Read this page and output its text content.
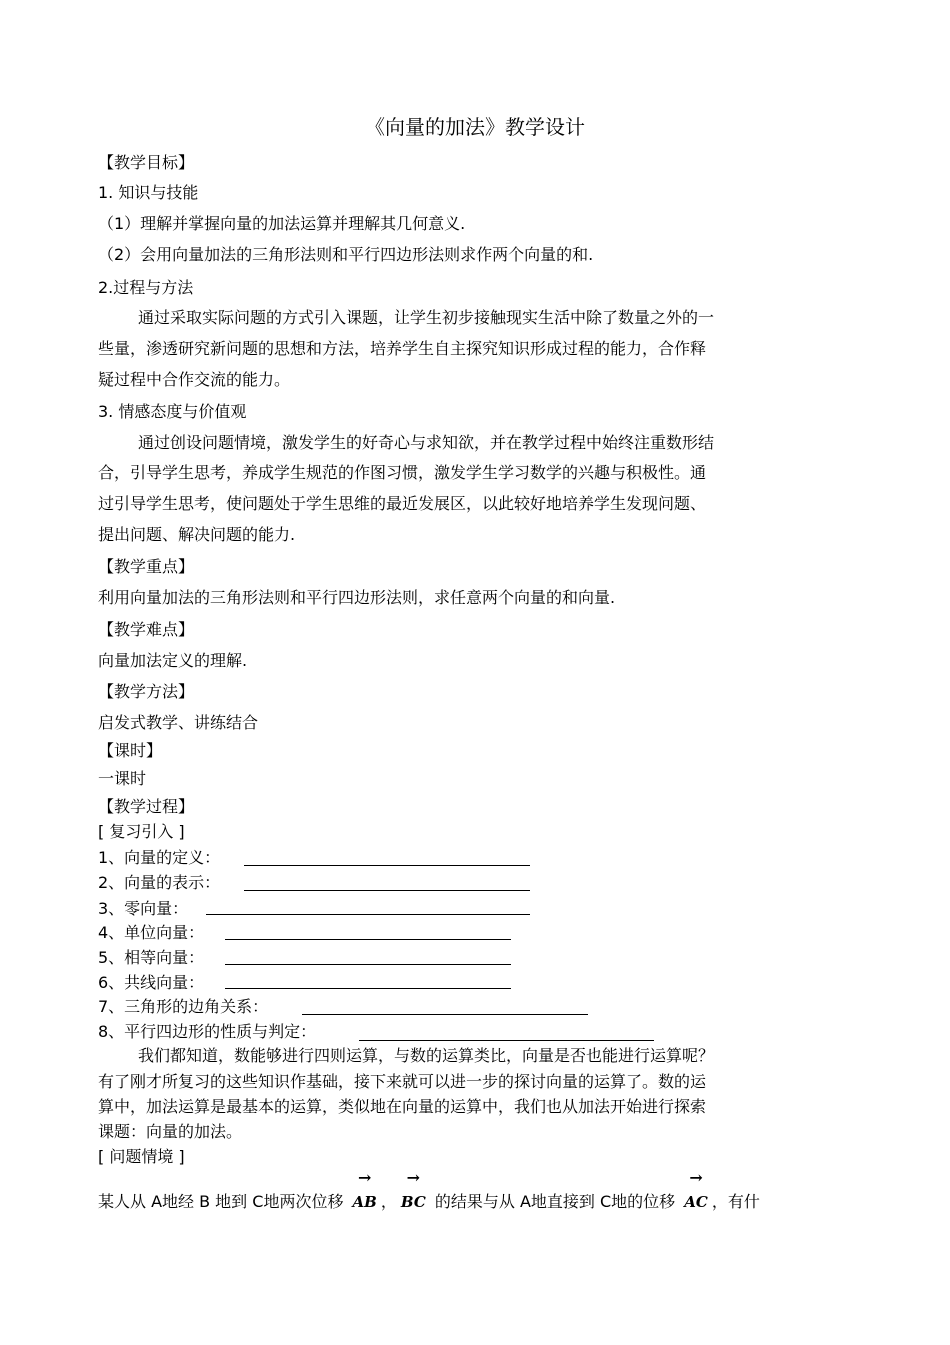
《向量的加法》教学设计
【教学目标】
1. 知识与技能
（1）理解并掌握向量的加法运算并理解其几何意义.
（2）会用向量加法的三角形法则和平行四边形法则求作两个向量的和.
2.过程与方法
通过采取实际问题的方式引入课题，让学生初步接触现实生活中除了数量之外的一
些量，渗透研究新问题的思想和方法，培养学生自主探究知识形成过程的能力，合作释
疑过程中合作交流的能力。
3. 情感态度与价值观
通过创设问题情境，激发学生的好奇心与求知欲，并在教学过程中始终注重数形结
合，引导学生思考，养成学生规范的作图习惯，激发学生学习数学的兴趣与积极性。通
过引导学生思考，使问题处于学生思维的最近发展区，以此较好地培养学生发现问题、
提出问题、解决问题的能力.
【教学重点】
利用向量加法的三角形法则和平行四边形法则，求任意两个向量的和向量.
【教学难点】
向量加法定义的理解.
【教学方法】
启发式教学、讲练结合
【课时】
一课时
【教学过程】
[ 复习引入 ]
1、向量的定义：
2、向量的表示：
3、零向量：
4、单位向量：
5、相等向量：
6、共线向量：
7、三角形的边角关系：
8、平行四边形的性质与判定：
我们都知道，数能够进行四则运算，与数的运算类比，向量是否也能进行运算呢？
有了刚才所复习的这些知识作基础，接下来就可以进一步的探讨向量的运算了。数的运
算中，加法运算是最基本的运算，类似地在向量的运算中，我们也从加法开始进行探索
课题：向量的加法。
[ 问题情境 ]
某人从 A地经 B 地到 C地两次位移
→
AB ，
→
BC 的结果与从 A地直接到 C地的位移
→
AC ，有什
